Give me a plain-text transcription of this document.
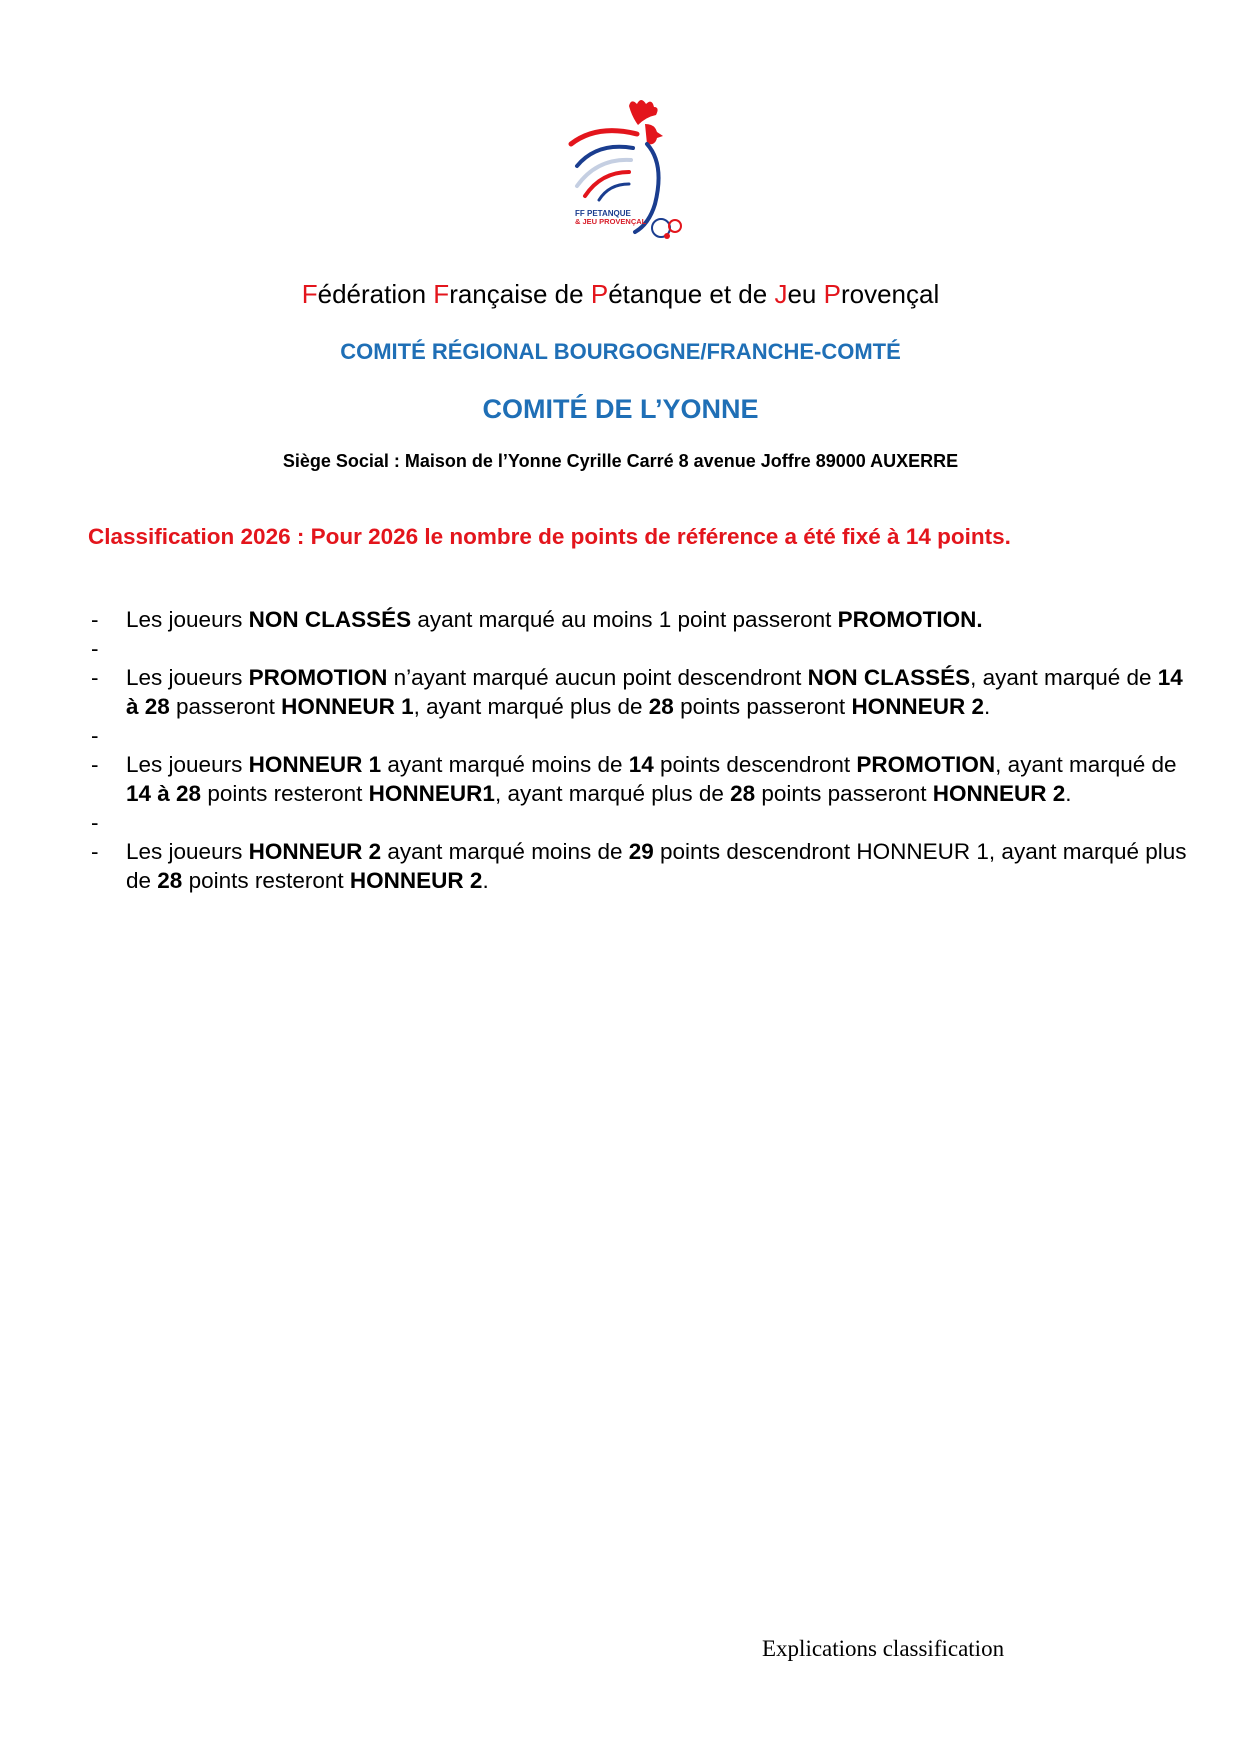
FF PETANQUE
& JEU PROVENÇAL
Fédération Française de Pétanque et de Jeu Provençal
COMITÉ RÉGIONAL BOURGOGNE/FRANCHE-COMTÉ
COMITÉ DE L’YONNE
Siège Social : Maison de l’Yonne Cyrille Carré 8 avenue Joffre 89000 AUXERRE
Classification 2026 : Pour 2026 le nombre de points de référence a été fixé à 14 points.
- Les joueurs NON CLASSÉS ayant marqué au moins 1 point passeront PROMOTION.
-
- Les joueurs PROMOTION n’ayant marqué aucun point descendront NON CLASSÉS, ayant marqué de 14 à 28 passeront HONNEUR 1, ayant marqué plus de 28 points passeront HONNEUR 2.
-
- Les joueurs HONNEUR 1 ayant marqué moins de 14 points descendront PROMOTION, ayant marqué de 14 à 28 points resteront HONNEUR1, ayant marqué plus de 28 points passeront HONNEUR 2.
-
- Les joueurs HONNEUR 2 ayant marqué moins de 29 points descendront HONNEUR 1, ayant marqué plus de 28 points resteront HONNEUR 2.
Explications classification
